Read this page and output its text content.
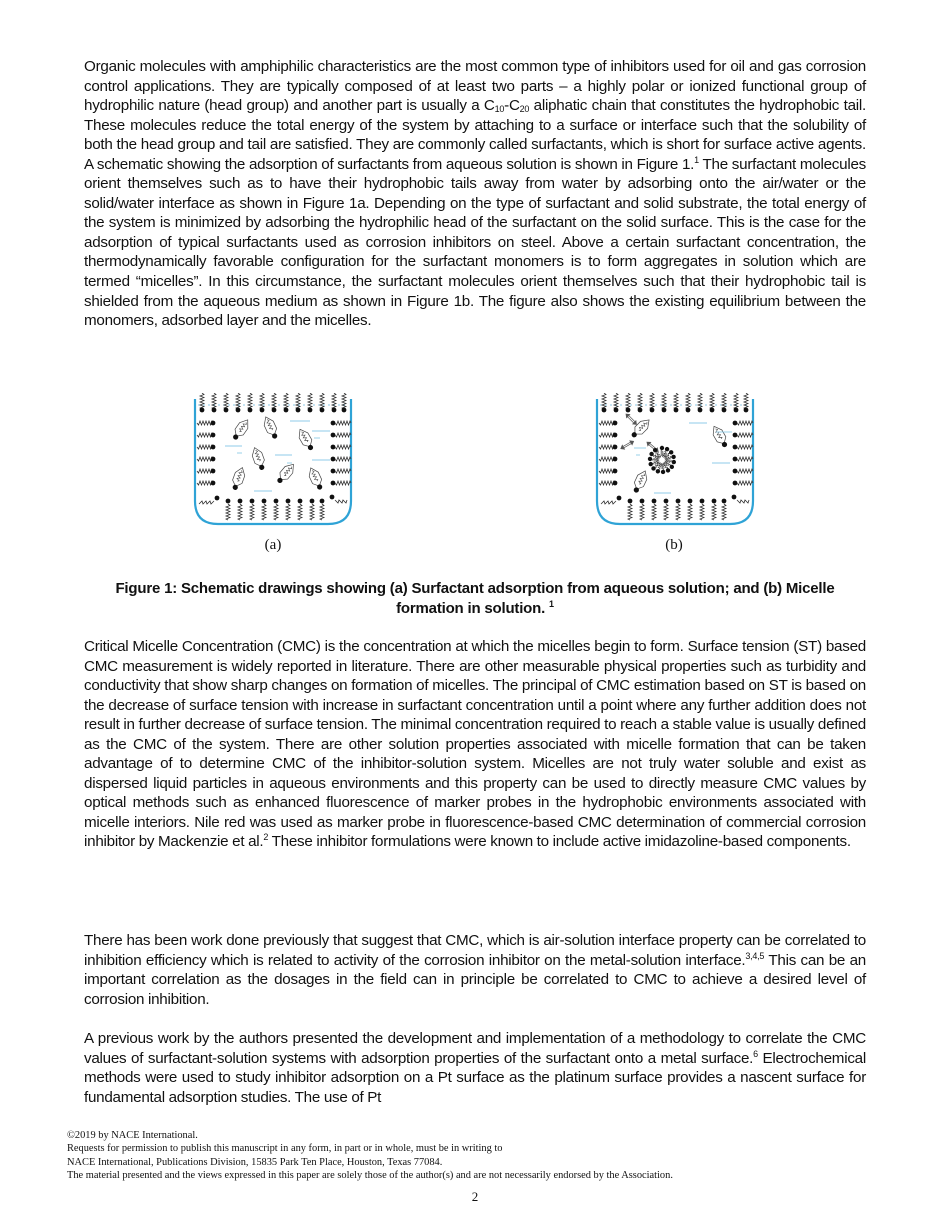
Organic molecules with amphiphilic characteristics are the most common type of inhibitors used for oil and gas corrosion control applications. They are typically composed of at least two parts – a highly polar or ionized functional group of hydrophilic nature (head group) and another part is usually a $C_{10}-C_{20}$ aliphatic chain that constitutes the hydrophobic tail. These molecules reduce the total energy of the system by attaching to a surface or interface such that the solubility of both the head group and tail are satisfied. They are commonly called surfactants, which is short for surface active agents. A schematic showing the adsorption of surfactants from aqueous solution is shown in Figure 1.$^1$ The surfactant molecules orient themselves such as to have their hydrophobic tails away from water by adsorbing onto the air/water or the solid/water interface as shown in Figure 1a. Depending on the type of surfactant and solid substrate, the total energy of the system is minimized by adsorbing the hydrophilic head of the surfactant on the solid surface. This is the case for the adsorption of typical surfactants used as corrosion inhibitors on steel. Above a certain surfactant concentration, the thermodynamically favorable configuration for the surfactant monomers is to form aggregates in solution which are termed “micelles”. In this circumstance, the surfactant molecules orient themselves such that their hydrophobic tail is shielded from the aqueous medium as shown in Figure 1b. The figure also shows the existing equilibrium between the monomers, adsorbed layer and the micelles.
(a)	(b)
Figure 1: Schematic drawings showing (a) Surfactant adsorption from aqueous solution; and (b) Micelle formation in solution. $^1$
Critical Micelle Concentration (CMC) is the concentration at which the micelles begin to form. Surface tension (ST) based CMC measurement is widely reported in literature. There are other measurable physical properties such as turbidity and conductivity that show sharp changes on formation of micelles. The principal of CMC estimation based on ST is based on the decrease of surface tension with increase in surfactant concentration until a point where any further addition does not result in further decrease of surface tension. The minimal concentration required to reach a stable value is usually defined as the CMC of the system. There are other solution properties associated with micelle formation that can be taken advantage of to determine CMC of the inhibitor-solution system. Micelles are not truly water soluble and exist as dispersed liquid particles in aqueous environments and this property can be used to directly measure CMC values by optical methods such as enhanced fluorescence of marker probes in the hydrophobic environments associated with micelle interiors. Nile red was used as marker probe in fluorescence-based CMC determination of commercial corrosion inhibitor by Mackenzie et al.$^2$ These inhibitor formulations were known to include active imidazoline-based components.
There has been work done previously that suggest that CMC, which is air-solution interface property can be correlated to inhibition efficiency which is related to activity of the corrosion inhibitor on the metal-solution interface.$^{3,4,5}$ This can be an important correlation as the dosages in the field can in principle be correlated to CMC to achieve a desired level of corrosion inhibition.
A previous work by the authors presented the development and implementation of a methodology to correlate the CMC values of surfactant-solution systems with adsorption properties of the surfactant onto a metal surface.$^6$ Electrochemical methods were used to study inhibitor adsorption on a Pt surface as the platinum surface provides a nascent surface for fundamental adsorption studies. The use of Pt
©2019 by NACE International.
Requests for permission to publish this manuscript in any form, in part or in whole, must be in writing to
NACE International, Publications Division, 15835 Park Ten Place, Houston, Texas 77084.
The material presented and the views expressed in this paper are solely those of the author(s) and are not necessarily endorsed by the Association.
2
